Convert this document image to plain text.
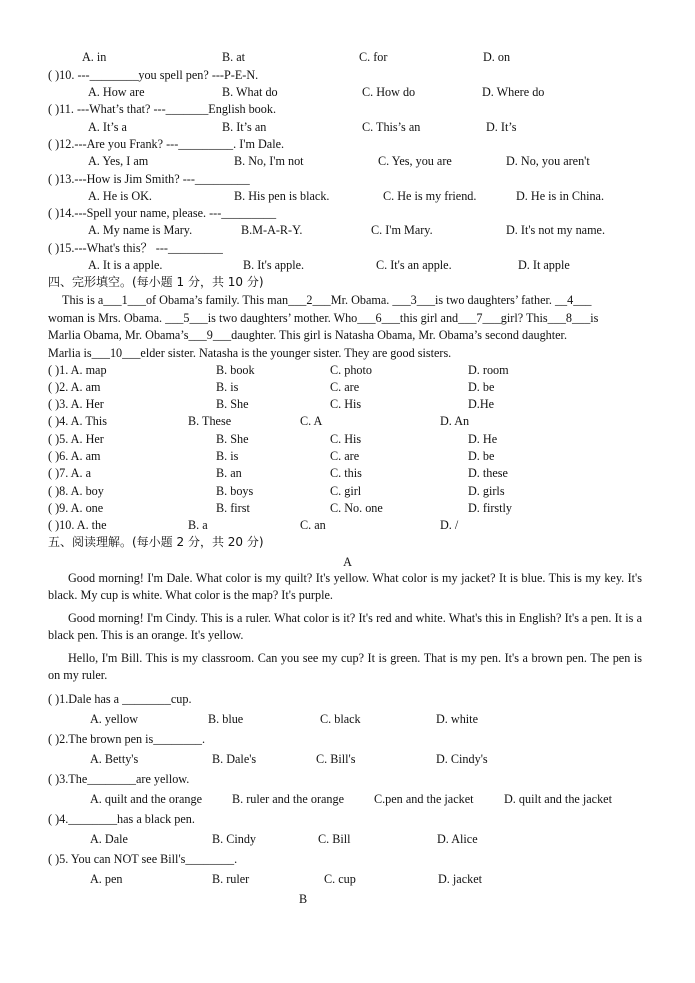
A. in	B. at	C. for	D. on
( )10. ---________you spell pen? ---P-E-N.
A. How are	B. What do	C. How do	D. Where do
( )11. ---What’s that? ---_______English book.
A. It’s a	B. It’s an	C. This’s an	D. It’s
( )12.---Are you Frank? ---_________. I'm Dale.
A. Yes, I am	B. No, I'm not	C. Yes, you are	D. No, you aren't
( )13.---How is Jim Smith? ---_________
A. He is OK.	B. His pen is black.	C. He is my friend.	D. He is in China.
( )14.---Spell your name, please. ---_________
A. My name is Mary.	B.M-A-R-Y.	C. I'm Mary.	D. It's not my name.
( )15.---What's this？ ---_________
A. It is a apple.	B. It's apple.	C. It's an apple.	D. It apple
四、完形填空。(每小题 1 分，共 10 分)
This is a___1___of Obama’s family. This man___2___Mr. Obama. ___3___is two daughters’ father. __4___
woman is Mrs. Obama. ___5___is two daughters’ mother. Who___6___this girl and___7___girl? This___8___is
Marlia Obama, Mr. Obama’s___9___daughter. This girl is Natasha Obama, Mr. Obama’s second daughter.
Marlia is___10___elder sister. Natasha is the younger sister. They are good sisters.
( )1. A. map	B. book	C. photo	D. room
( )2. A. am	B. is	C. are	D. be
( )3. A. Her	B. She	C. His	D.He
( )4. A. This	B. These	C. A	D. An
( )5. A. Her	B. She	C. His	D. He
( )6. A. am	B. is	C. are	D. be
( )7. A. a	B. an	C. this	D. these
( )8. A. boy	B. boys	C. girl	D. girls
( )9. A. one	B. first	C. No. one	D. firstly
( )10. A. the	B. a	C. an	D. /
五、阅读理解。(每小题 2 分，共 20 分)
A
Good morning! I'm Dale. What color is my quilt? It's yellow. What color is my jacket? It is blue. This is my key. It's black. My cup is white. What color is the map? It's purple.
Good morning! I'm Cindy. This is a ruler. What color is it? It's red and white. What's this in English? It's a pen. It is a black pen. This is an orange. It's yellow.
Hello, I'm Bill. This is my classroom. Can you see my cup? It is green. That is my pen. It's a brown pen. The pen is on my ruler.
( )1.Dale has a ________cup.
A. yellow	B. blue	C. black	D. white
( )2.The brown pen is________.
A. Betty's	B. Dale's	C. Bill's	D. Cindy's
( )3.The________are yellow.
A. quilt and the orange B. ruler and the orange C.pen and the jacket	D. quilt and the jacket
( )4.________has a black pen.
A. Dale	B. Cindy	C. Bill	D. Alice
( )5. You can NOT see Bill's________.
A. pen	B. ruler	C. cup	D. jacket
B
